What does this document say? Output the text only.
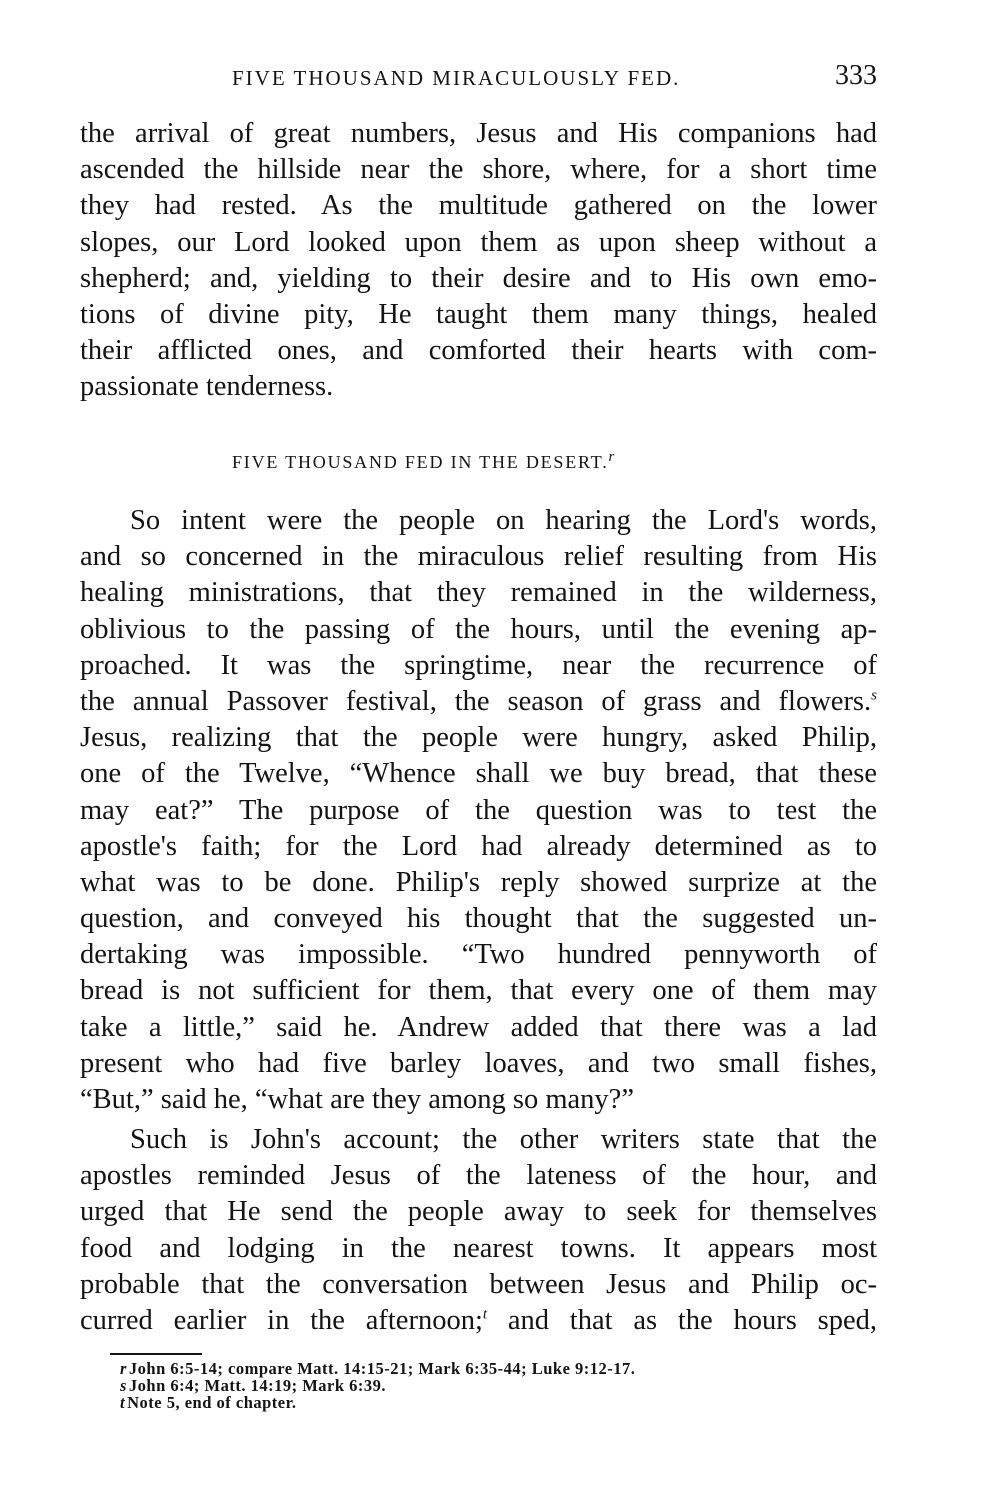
FIVE THOUSAND MIRACULOUSLY FED.	333
the arrival of great numbers, Jesus and His companions had
ascended the hillside near the shore, where, for a short time
they had rested. As the multitude gathered on the lower
slopes, our Lord looked upon them as upon sheep without a
shepherd; and, yielding to their desire and to His own emo-
tions of divine pity, He taught them many things, healed
their afflicted ones, and comforted their hearts with com-
passionate tenderness.
FIVE THOUSAND FED IN THE DESERT.$^r$
So intent were the people on hearing the Lord's words,
and so concerned in the miraculous relief resulting from His
healing ministrations, that they remained in the wilderness,
oblivious to the passing of the hours, until the evening ap-
proached. It was the springtime, near the recurrence of
the annual Passover festival, the season of grass and flowers.$^s$
Jesus, realizing that the people were hungry, asked Philip,
one of the Twelve, “Whence shall we buy bread, that these
may eat?” The purpose of the question was to test the
apostle's faith; for the Lord had already determined as to
what was to be done. Philip's reply showed surprize at the
question, and conveyed his thought that the suggested un-
dertaking was impossible. “Two hundred pennyworth of
bread is not sufficient for them, that every one of them may
take a little,” said he. Andrew added that there was a lad
present who had five barley loaves, and two small fishes,
“But,” said he, “what are they among so many?”
Such is John's account; the other writers state that the
apostles reminded Jesus of the lateness of the hour, and
urged that He send the people away to seek for themselves
food and lodging in the nearest towns. It appears most
probable that the conversation between Jesus and Philip oc-
curred earlier in the afternoon;$^t$ and that as the hours sped,
r John 6:5-14; compare Matt. 14:15-21; Mark 6:35-44; Luke 9:12-17.
s John 6:4; Matt. 14:19; Mark 6:39.
t Note 5, end of chapter.
